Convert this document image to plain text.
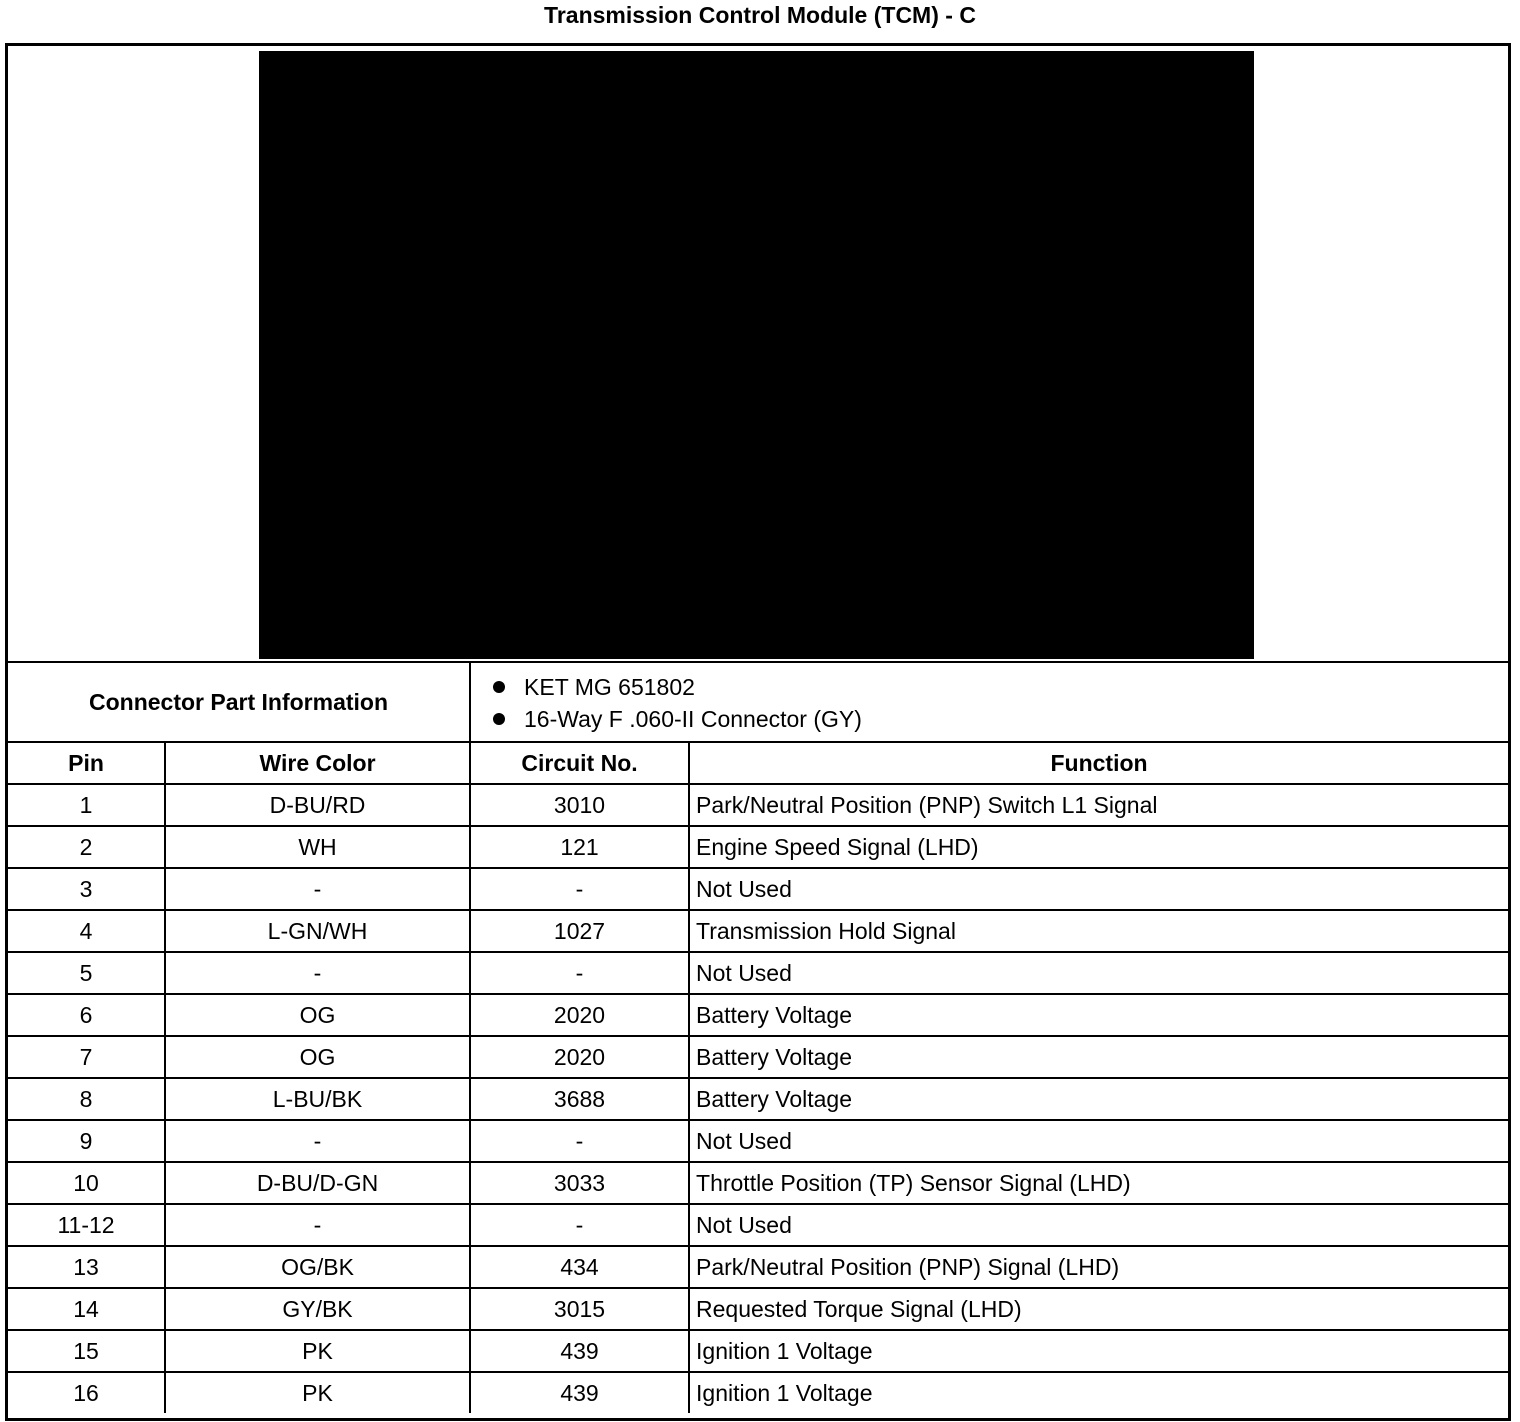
Transmission Control Module (TCM) - C
Connector Part Information		KET MG 651802
16-Way F .060-II Connector (GY)	

Pin	Wire Color	Circuit No.	Function
1	D-BU/RD	3010	Park/Neutral Position (PNP) Switch L1 Signal
2	WH	121	Engine Speed Signal (LHD)
3	-	-	Not Used
4	L-GN/WH	1027	Transmission Hold Signal
5	-	-	Not Used
6	OG	2020	Battery Voltage
7	OG	2020	Battery Voltage
8	L-BU/BK	3688	Battery Voltage
9	-	-	Not Used
10	D-BU/D-GN	3033	Throttle Position (TP) Sensor Signal (LHD)
11-12	-	-	Not Used
13	OG/BK	434	Park/Neutral Position (PNP) Signal (LHD)
14	GY/BK	3015	Requested Torque Signal (LHD)
15	PK	439	Ignition 1 Voltage
16	PK	439	Ignition 1 Voltage
